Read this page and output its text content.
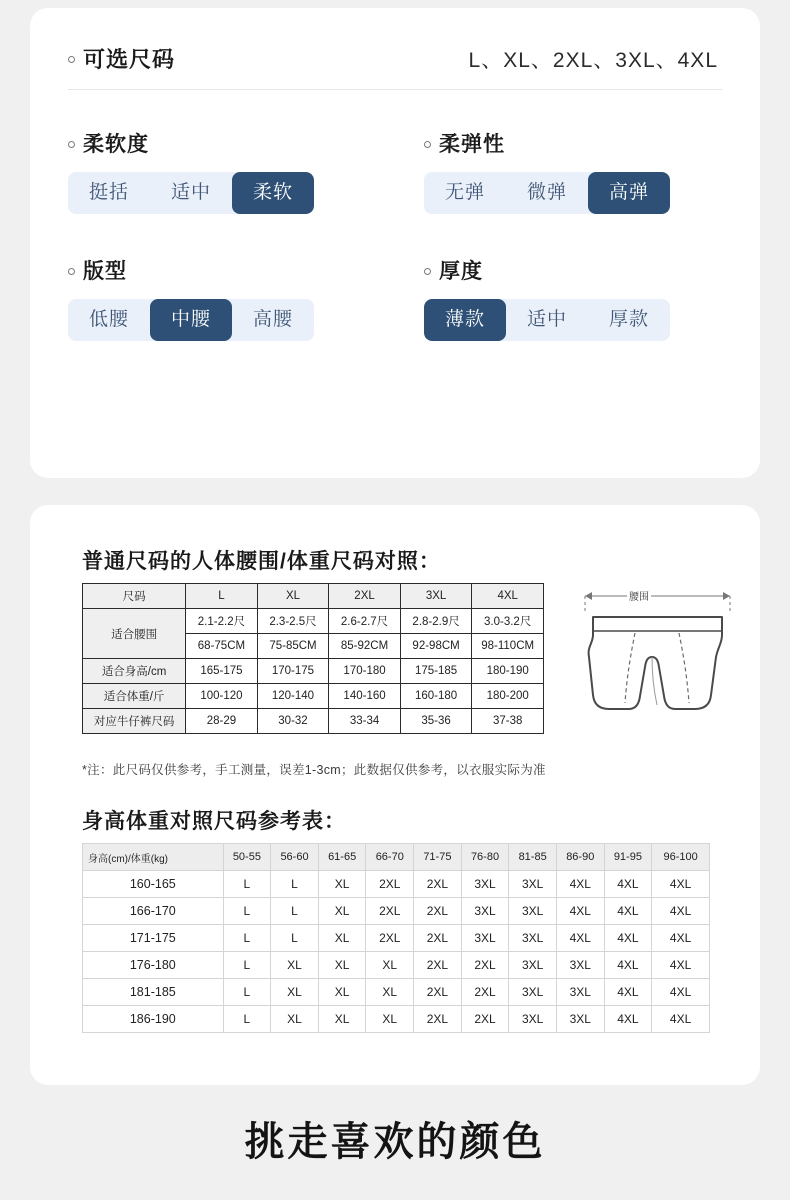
可选尺码	L、XL、2XL、3XL、4XL
柔软度
挺括	适中	柔软
柔弹性
无弹	微弹	高弹
版型
低腰	中腰	高腰
厚度
薄款	适中	厚款
普通尺码的人体腰围/体重尺码对照：
尺码	L	XL	2XL	3XL	4XL
适合腰围	2.1-2.2尺	2.3-2.5尺	2.6-2.7尺	2.8-2.9尺	3.0-3.2尺
	68-75CM	75-85CM	85-92CM	92-98CM	98-110CM
适合身高/cm	165-175	170-175	170-180	175-185	180-190
适合体重/斤	100-120	120-140	140-160	160-180	180-200
对应牛仔裤尺码	28-29	30-32	33-34	35-36	37-38
腰围
*注：此尺码仅供参考，手工测量，误差1-3cm；此数据仅供参考，以衣服实际为准
身高体重对照尺码参考表：
身高(cm)/体重(kg)	50-55	56-60	61-65	66-70	71-75	76-80	81-85	86-90	91-95	96-100
160-165	L	L	XL	2XL	2XL	3XL	3XL	4XL	4XL	4XL
166-170	L	L	XL	2XL	2XL	3XL	3XL	4XL	4XL	4XL
171-175	L	L	XL	2XL	2XL	3XL	3XL	4XL	4XL	4XL
176-180	L	XL	XL	XL	2XL	2XL	3XL	3XL	4XL	4XL
181-185	L	XL	XL	XL	2XL	2XL	3XL	3XL	4XL	4XL
186-190	L	XL	XL	XL	2XL	2XL	3XL	3XL	4XL	4XL
挑走喜欢的颜色
